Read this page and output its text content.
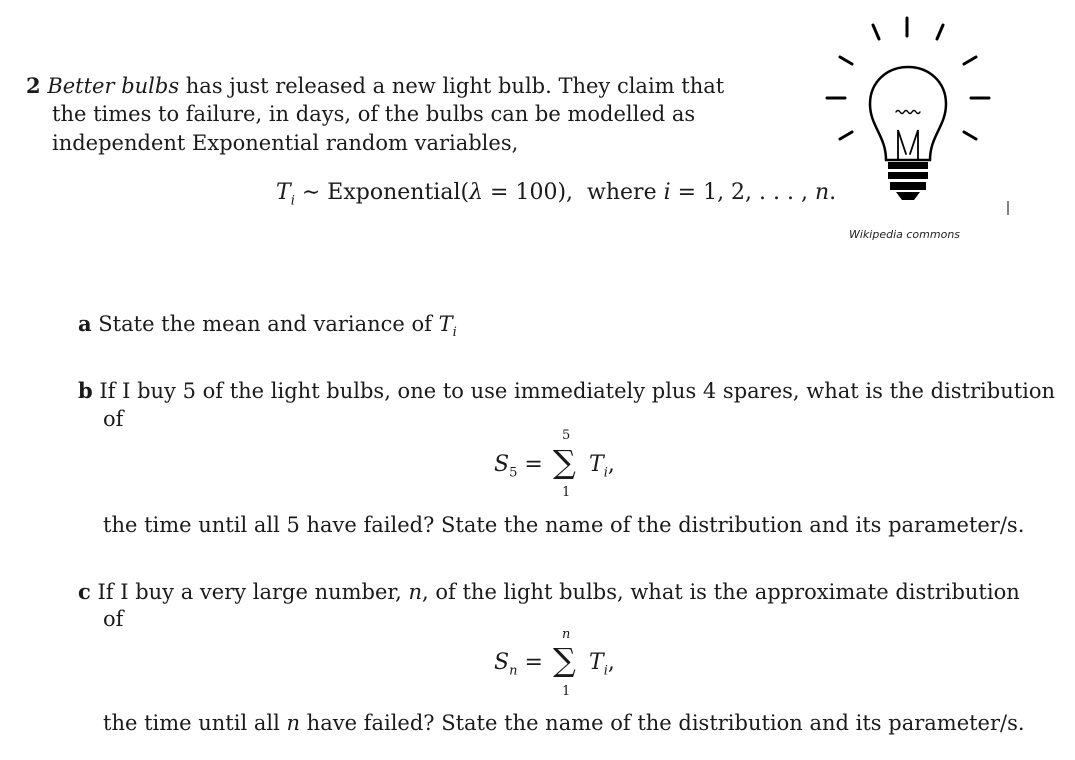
2 Better bulbs has just released a new light bulb. They claim that
the times to failure, in days, of the bulbs can be modelled as
independent Exponential random variables,
$T_i$ ∼ Exponential(λ = 100), where i = 1, 2, . . . , n.
Wikipedia commons
a State the mean and variance of $T_i$
b If I buy 5 of the light bulbs, one to use immediately plus 4 spares, what is the distribution
of
5
$S_5$ = ∑ $T_i$,
1
the time until all 5 have failed? State the name of the distribution and its parameter/s.
c If I buy a very large number, n, of the light bulbs, what is the approximate distribution
of
n
$S_n$ = ∑ $T_i$,
1
the time until all n have failed? State the name of the distribution and its parameter/s.
